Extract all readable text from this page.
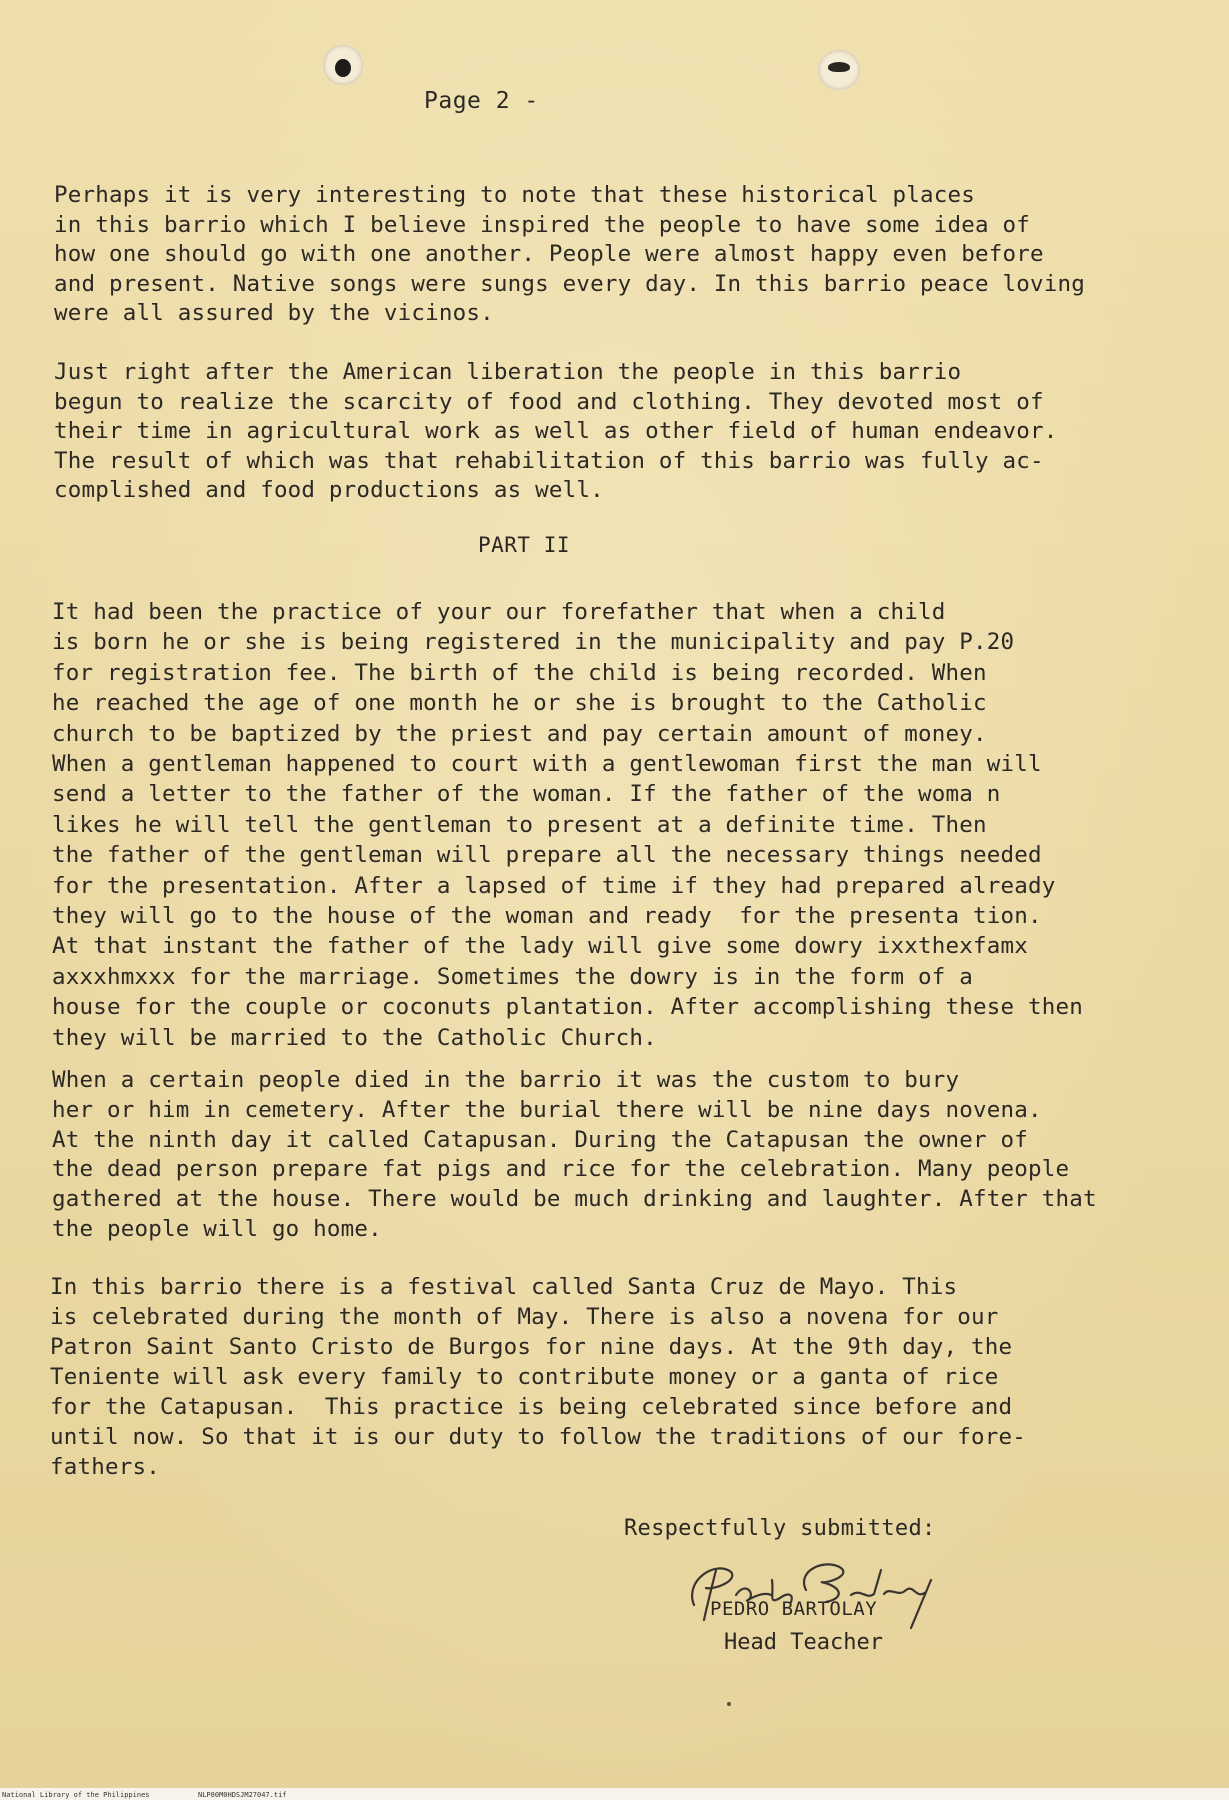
Page 2 -
Perhaps it is very interesting to note that these historical places
in this barrio which I believe inspired the people to have some idea of
how one should go with one another. People were almost happy even before
and present. Native songs were sungs every day. In this barrio peace loving
were all assured by the vicinos.
Just right after the American liberation the people in this barrio
begun to realize the scarcity of food and clothing. They devoted most of
their time in agricultural work as well as other field of human endeavor.
The result of which was that rehabilitation of this barrio was fully ac-
complished and food productions as well.
PART II
It had been the practice of your our forefather that when a child
is born he or she is being registered in the municipality and pay P.20
for registration fee. The birth of the child is being recorded. When
he reached the age of one month he or she is brought to the Catholic
church to be baptized by the priest and pay certain amount of money.
When a gentleman happened to court with a gentlewoman first the man will
send a letter to the father of the woman. If the father of the woma n
likes he will tell the gentleman to present at a definite time. Then
the father of the gentleman will prepare all the necessary things needed
for the presentation. After a lapsed of time if they had prepared already
they will go to the house of the woman and ready  for the presenta tion.
At that instant the father of the lady will give some dowry ixxthexfamx
axxxhmxxx for the marriage. Sometimes the dowry is in the form of a
house for the couple or coconuts plantation. After accomplishing these then
they will be married to the Catholic Church.
When a certain people died in the barrio it was the custom to bury
her or him in cemetery. After the burial there will be nine days novena.
At the ninth day it called Catapusan. During the Catapusan the owner of
the dead person prepare fat pigs and rice for the celebration. Many people
gathered at the house. There would be much drinking and laughter. After that
the people will go home.
In this barrio there is a festival called Santa Cruz de Mayo. This
is celebrated during the month of May. There is also a novena for our
Patron Saint Santo Cristo de Burgos for nine days. At the 9th day, the
Teniente will ask every family to contribute money or a ganta of rice
for the Catapusan.  This practice is being celebrated since before and
until now. So that it is our duty to follow the traditions of our fore-
fathers.
Respectfully submitted:
PEDRO BARTOLAY
Head Teacher
National Library of the Philippines	NLP00M0HDSJM27047.tif
